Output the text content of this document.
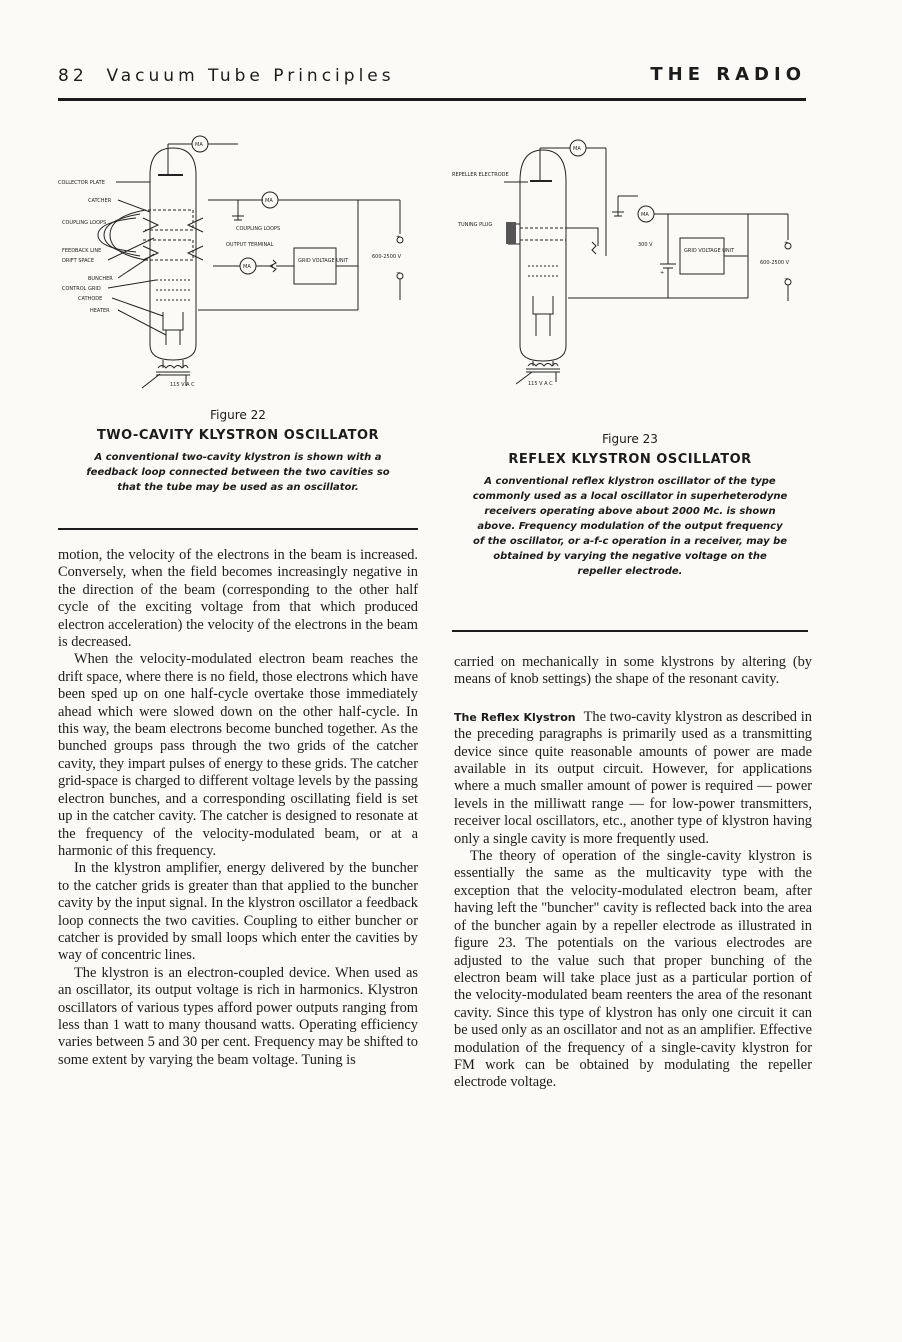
82 Vacuum Tube Principles	THE RADIO
MA
MA
MA
COLLECTOR PLATE
CATCHER
COUPLING LOOPS
FEEDBACK LINE
DRIFT SPACE
BUNCHER
CONTROL GRID
CATHODE
HEATER
COUPLING LOOPS
OUTPUT TERMINAL
GRID VOLTAGE UNIT
+
600-2500 V
−
115 V A C
Figure 22
TWO-CAVITY KLYSTRON OSCILLATOR
A conventional two-cavity klystron is shown with a feedback loop connected between the two cavities so that the tube may be used as an oscillator.
MA
MA
REPELLER ELECTRODE
TUNING PLUG
300 V
GRID VOLTAGE UNIT
+
+
600-2500 V
−
115 V A C
Figure 23
REFLEX KLYSTRON OSCILLATOR
A conventional reflex klystron oscillator of the type commonly used as a local oscillator in superheterodyne receivers operating above about 2000 Mc. is shown above. Frequency modulation of the output frequency of the oscillator, or a-f-c operation in a receiver, may be obtained by varying the negative voltage on the repeller electrode.

motion, the velocity of the electrons in the beam is increased. Conversely, when the field becomes increasingly negative in the direction of the beam (corresponding to the other half cycle of the exciting voltage from that which produced electron acceleration) the velocity of the electrons in the beam is decreased.

When the velocity-modulated electron beam reaches the drift space, where there is no field, those electrons which have been sped up on one half-cycle overtake those immediately ahead which were slowed down on the other half-cycle. In this way, the beam electrons become bunched together. As the bunched groups pass through the two grids of the catcher cavity, they impart pulses of energy to these grids. The catcher grid-space is charged to different voltage levels by the passing electron bunches, and a corresponding oscillating field is set up in the catcher cavity. The catcher is designed to resonate at the frequency of the velocity-modulated beam, or at a harmonic of this frequency.

In the klystron amplifier, energy delivered by the buncher to the catcher grids is greater than that applied to the buncher cavity by the input signal. In the klystron oscillator a feedback loop connects the two cavities. Coupling to either buncher or catcher is provided by small loops which enter the cavities by way of concentric lines.

The klystron is an electron-coupled device. When used as an oscillator, its output voltage is rich in harmonics. Klystron oscillators of various types afford power outputs ranging from less than 1 watt to many thousand watts. Operating efficiency varies between 5 and 30 per cent. Frequency may be shifted to some extent by varying the beam voltage. Tuning is

carried on mechanically in some klystrons by altering (by means of knob settings) the shape of the resonant cavity.

The Reflex Klystron The two-cavity klystron as described in the preceding paragraphs is primarily used as a transmitting device since quite reasonable amounts of power are made available in its output circuit. However, for applications where a much smaller amount of power is required — power levels in the milliwatt range — for low-power transmitters, receiver local oscillators, etc., another type of klystron having only a single cavity is more frequently used.

The theory of operation of the single-cavity klystron is essentially the same as the multicavity type with the exception that the velocity-modulated electron beam, after having left the "buncher" cavity is reflected back into the area of the buncher again by a repeller electrode as illustrated in figure 23. The potentials on the various electrodes are adjusted to the value such that proper bunching of the electron beam will take place just as a particular portion of the velocity-modulated beam reenters the area of the resonant cavity. Since this type of klystron has only one circuit it can be used only as an oscillator and not as an amplifier. Effective modulation of the frequency of a single-cavity klystron for FM work can be obtained by modulating the repeller electrode voltage.
